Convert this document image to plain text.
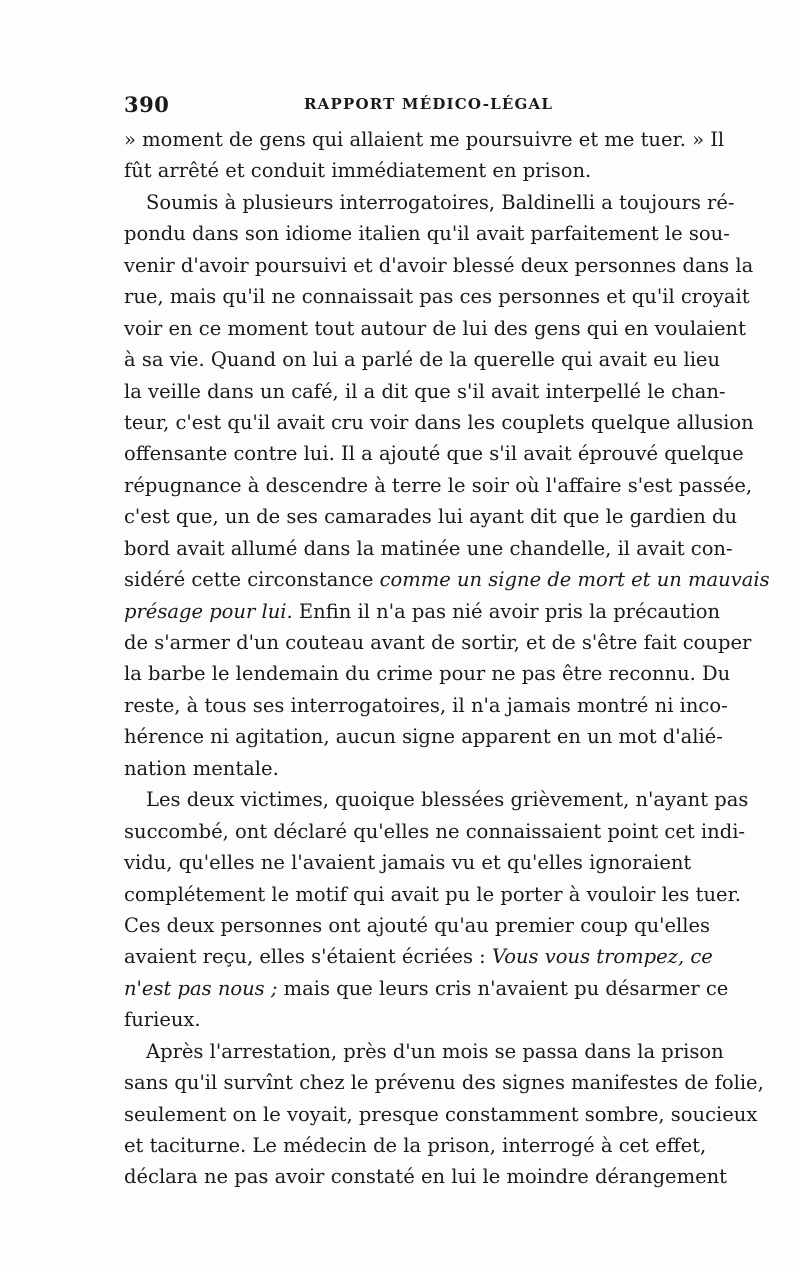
390	RAPPORT MÉDICO-LÉGAL
» moment de gens qui allaient me poursuivre et me tuer. » Il
fût arrêté et conduit immédiatement en prison.
Soumis à plusieurs interrogatoires, Baldinelli a toujours ré-
pondu dans son idiome italien qu'il avait parfaitement le sou-
venir d'avoir poursuivi et d'avoir blessé deux personnes dans la
rue, mais qu'il ne connaissait pas ces personnes et qu'il croyait
voir en ce moment tout autour de lui des gens qui en voulaient
à sa vie. Quand on lui a parlé de la querelle qui avait eu lieu
la veille dans un café, il a dit que s'il avait interpellé le chan-
teur, c'est qu'il avait cru voir dans les couplets quelque allusion
offensante contre lui. Il a ajouté que s'il avait éprouvé quelque
répugnance à descendre à terre le soir où l'affaire s'est passée,
c'est que, un de ses camarades lui ayant dit que le gardien du
bord avait allumé dans la matinée une chandelle, il avait con-
sidéré cette circonstance comme un signe de mort et un mauvais
présage pour lui. Enfin il n'a pas nié avoir pris la précaution
de s'armer d'un couteau avant de sortir, et de s'être fait couper
la barbe le lendemain du crime pour ne pas être reconnu. Du
reste, à tous ses interrogatoires, il n'a jamais montré ni inco-
hérence ni agitation, aucun signe apparent en un mot d'alié-
nation mentale.
Les deux victimes, quoique blessées grièvement, n'ayant pas
succombé, ont déclaré qu'elles ne connaissaient point cet indi-
vidu, qu'elles ne l'avaient jamais vu et qu'elles ignoraient
complétement le motif qui avait pu le porter à vouloir les tuer.
Ces deux personnes ont ajouté qu'au premier coup qu'elles
avaient reçu, elles s'étaient écriées : Vous vous trompez, ce
n'est pas nous ; mais que leurs cris n'avaient pu désarmer ce
furieux.
Après l'arrestation, près d'un mois se passa dans la prison
sans qu'il survînt chez le prévenu des signes manifestes de folie,
seulement on le voyait, presque constamment sombre, soucieux
et taciturne. Le médecin de la prison, interrogé à cet effet,
déclara ne pas avoir constaté en lui le moindre dérangement
